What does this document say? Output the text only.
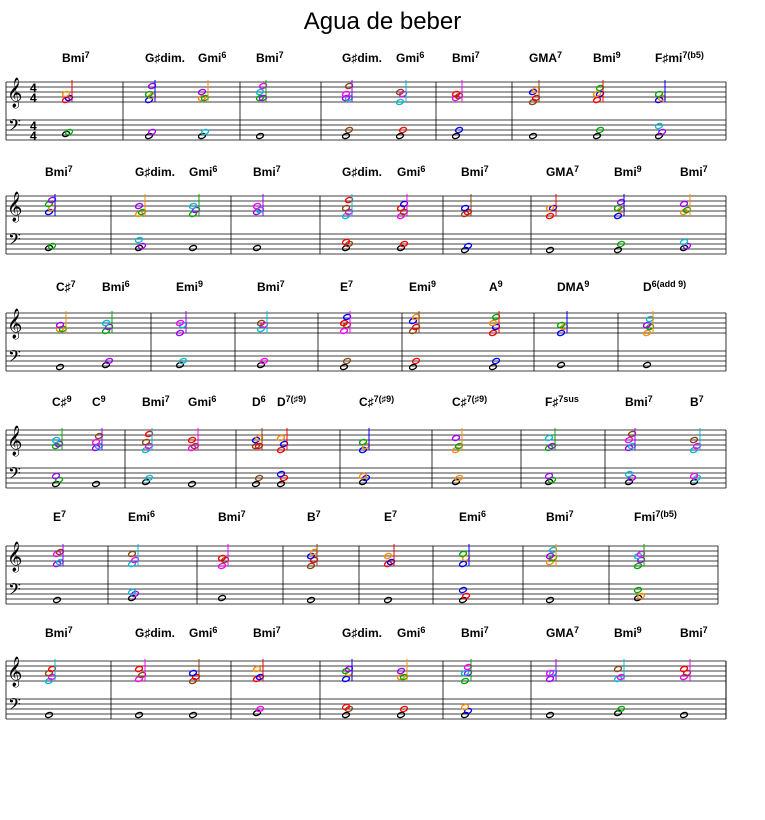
Agua de beber
𝄞
𝄢
4
4
4
4
Bmi$^7$	G♯dim. Gmi$^6$ Bmi$^7$	G♯dim. Gmi$^6$ Bmi$^7$	GMA$^7$	Bmi$^9$	$F♯mi^{7(b5)}$
𝄞
𝄢
Bmi$^7$	G♯dim. Gmi$^6$	Bmi$^7$	G♯dim. Gmi$^6$	Bmi$^7$	GMA$^7$	Bmi$^9$	Bmi$^7$
𝄞
𝄢
C♯$^7$ Bmi$^6$	Emi$^9$	Bmi$^7$	$E^7$	Emi$^9$	$A^9$	DMA$^9$	$D^{6(add 9)}$
𝄞
𝄢
C♯$^9$ $C^9$	Bmi$^7$ Gmi$^6$	$D^6$ $D^{7(♯9)}$	C♯$^{7(♯9)}$	C♯$^{7(♯9)}$	F♯$^{7sus}$	Bmi$^7$	$B^7$
𝄞
𝄢
$E^7$	Emi$^6$	Bmi$^7$	$B^7$	$E^7$	Emi$^6$	Bmi$^7$	Fmi$^{7(b5)}$
𝄞
𝄢
Bmi$^7$	G♯dim. Gmi$^6$	Bmi$^7$	G♯dim. Gmi$^6$	Bmi$^7$	GMA$^7$	Bmi$^9$	Bmi$^7$
